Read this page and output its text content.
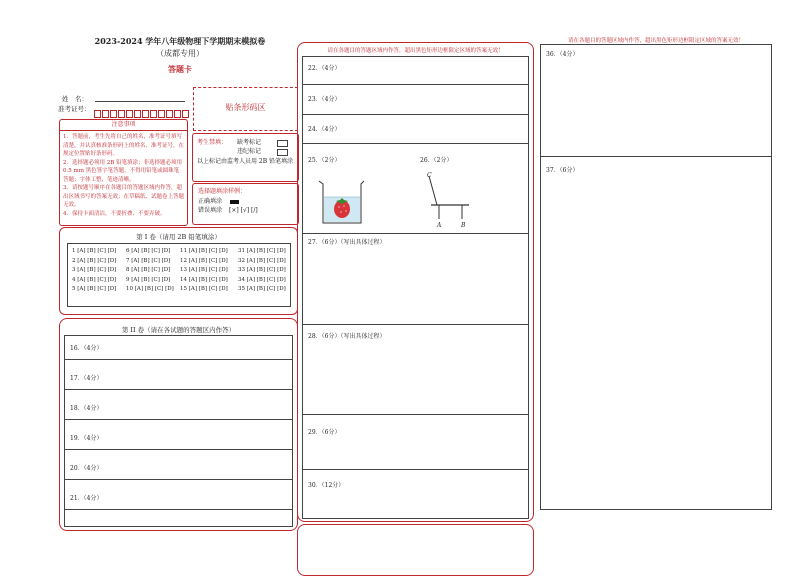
2023-2024 学年八年级物理下学期期末模拟卷
（成都专用）
答题卡
姓　名：
准考证号：	贴条形码区
注意事项
1．答题前，考生先将自己的姓名，准考证号填写清楚，并认真核准条形码上的姓名、准考证号，在规定位置贴好条形码。
2．选择题必须用 2B 铅笔填涂；非选择题必须用 0.5 mm 黑色签字笔答题，不得用铅笔或圆珠笔答题；字体工整、笔迹清晰。
3．请按题号顺序在各题目的答题区域内作答，超出区域书写的答案无效；在草稿纸、试题卷上答题无效。
4．保持卡面清洁，不要折叠、不要弄破。
考生禁填： 缺考标记
违纪标记
以上标记由监考人员用 2B 铅笔填涂
选择题填涂样例：
正确填涂
错误填涂 [×] [√] [/]
第 I 卷（请用 2B 铅笔填涂）
1 [A] [B] [C] [D]
2 [A] [B] [C] [D]
3 [A] [B] [C] [D]
4 [A] [B] [C] [D]
5 [A] [B] [C] [D]
6 [A] [B] [C] [D]
7 [A] [B] [C] [D]
8 [A] [B] [C] [D]
9 [A] [B] [C] [D]
10 [A] [B] [C] [D]
11 [A] [B] [C] [D]
12 [A] [B] [C] [D]
13 [A] [B] [C] [D]
14 [A] [B] [C] [D]
15 [A] [B] [C] [D]
31 [A] [B] [C] [D]
32 [A] [B] [C] [D]
33 [A] [B] [C] [D]
34 [A] [B] [C] [D]
35 [A] [B] [C] [D]
第 II 卷（请在各试题的答题区内作答）
16．（4分）
17．（4分）
18．（4分）
19．（4分）
20．（4分）
21．（4分）
请在各题目的答题区域内作答，超出黑色矩形边框限定区域的答案无效！
22．（4分）
23．（4分）
24．（4分）
25．（2分）	26．（2分）
C
A	B
27．（6分）（写出具体过程）
28．（6分）（写出具体过程）
29．（6分）
30．（12分）
请在各题目的答题区域内作答，超出黑色矩形边框限定区域的答案无效！
36．（4分）
37．（6分）
